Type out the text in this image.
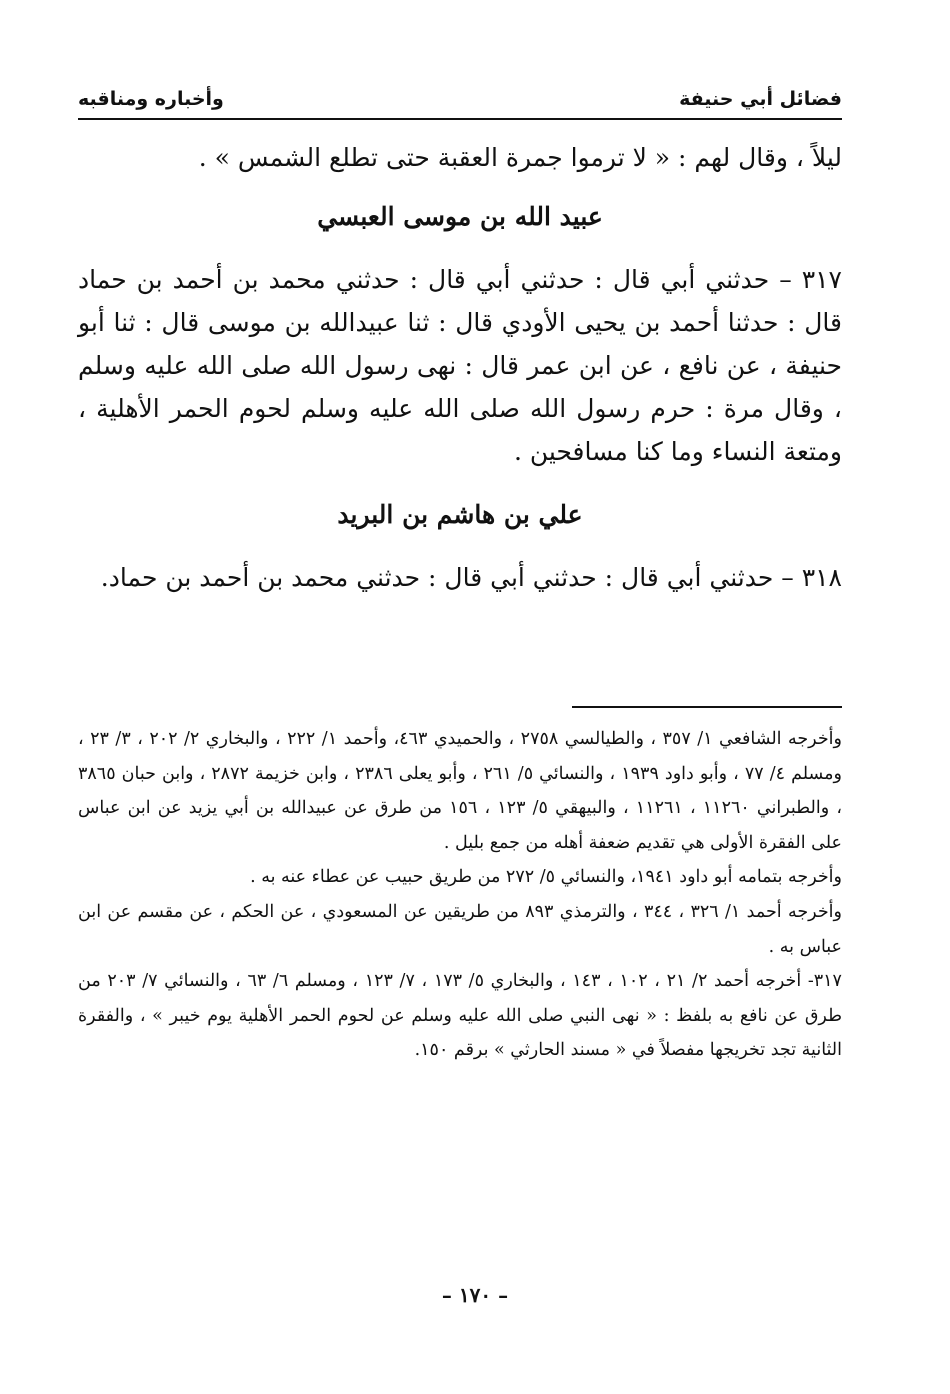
فضائل أبي حنيفة
وأخباره ومناقبه

ليلاً ، وقال لهم : « لا ترموا جمرة العقبة حتى تطلع الشمس » .

عبيد الله بن موسى العبسي

٣١٧ – حدثني أبي قال : حدثني أبي قال : حدثني محمد بن أحمد بن حماد قال : حدثنا أحمد بن يحيى الأودي قال : ثنا عبيدالله بن موسى قال : ثنا أبو حنيفة ، عن نافع ، عن ابن عمر قال : نهى رسول الله صلى الله عليه وسلم ، وقال مرة : حرم رسول الله صلى الله عليه وسلم لحوم الحمر الأهلية ، ومتعة النساء وما كنا مسافحين .

علي بن هاشم بن البريد

٣١٨ – حدثني أبي قال : حدثني أبي قال : حدثني محمد بن أحمد بن حماد.

وأخرجه الشافعي ١/ ٣٥٧ ، والطيالسي ٢٧٥٨ ، والحميدي ٤٦٣، وأحمد ١/ ٢٢٢ ، والبخاري ٢/ ٢٠٢ ، ٣/ ٢٣ ، ومسلم ٤/ ٧٧ ، وأبو داود ١٩٣٩ ، والنسائي ٥/ ٢٦١ ، وأبو يعلى ٢٣٨٦ ، وابن خزيمة ٢٨٧٢ ، وابن حبان ٣٨٦٥ ، والطبراني ١١٢٦٠ ، ١١٢٦١ ، والبيهقي ٥/ ١٢٣ ، ١٥٦ من طرق عن عبيدالله بن أبي يزيد عن ابن عباس على الفقرة الأولى هي تقديم ضعفة أهله من جمع بليل .

وأخرجه بتمامه أبو داود ١٩٤١، والنسائي ٥/ ٢٧٢ من طريق حبيب عن عطاء عنه به .

وأخرجه أحمد ١/ ٣٢٦ ، ٣٤٤ ، والترمذي ٨٩٣ من طريقين عن المسعودي ، عن الحكم ، عن مقسم عن ابن عباس به .

٣١٧- أخرجه أحمد ٢/ ٢١ ، ١٠٢ ، ١٤٣ ، والبخاري ٥/ ١٧٣ ، ٧/ ١٢٣ ، ومسلم ٦/ ٦٣ ، والنسائي ٧/ ٢٠٣ من طرق عن نافع به بلفظ : « نهى النبي صلى الله عليه وسلم عن لحوم الحمر الأهلية يوم خيبر » ، والفقرة الثانية تجد تخريجها مفصلاً في « مسند الحارثي » برقم ١٥٠.

– ١٧٠ –
